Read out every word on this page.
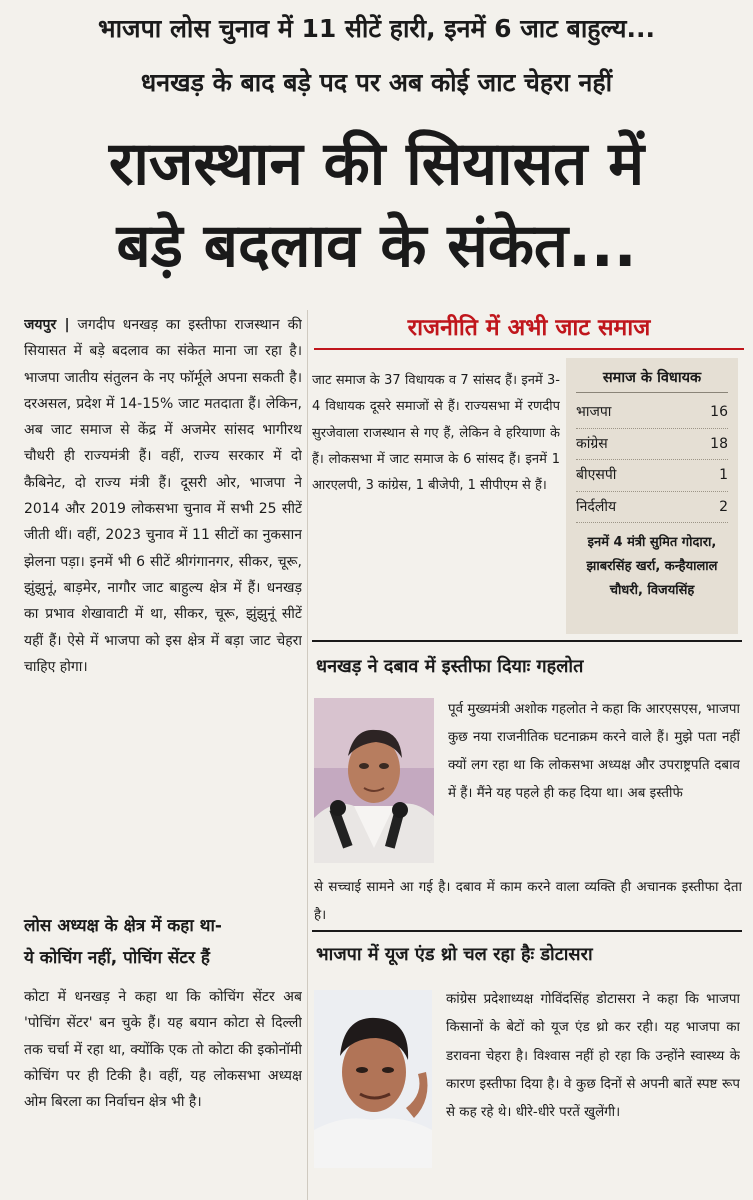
भाजपा लोस चुनाव में 11 सीटें हारी, इनमें 6 जाट बाहुल्य...
धनखड़ के बाद बड़े पद पर अब कोई जाट चेहरा नहीं
राजस्थान की सियासत में
बड़े बदलाव के संकेत...

जयपुर | जगदीप धनखड़ का इस्तीफा राजस्थान की सियासत में बड़े बदलाव का संकेत माना जा रहा है। भाजपा जातीय संतुलन के नए फॉर्मूले अपना सकती है। दरअसल, प्रदेश में 14-15% जाट मतदाता हैं। लेकिन, अब जाट समाज से केंद्र में अजमेर सांसद भागीरथ चौधरी ही राज्यमंत्री हैं। वहीं, राज्य सरकार में दो कैबिनेट, दो राज्य मंत्री हैं। दूसरी ओर, भाजपा ने 2014 और 2019 लोकसभा चुनाव में सभी 25 सीटें जीती थीं। वहीं, 2023 चुनाव में 11 सीटों का नुकसान झेलना पड़ा। इनमें भी 6 सीटें श्रीगंगानगर, सीकर, चूरू, झुंझुनूं, बाड़मेर, नागौर जाट बाहुल्य क्षेत्र में हैं। धनखड़ का प्रभाव शेखावाटी में था, सीकर, चूरू, झुंझुनूं सीटें यहीं हैं। ऐसे में भाजपा को इस क्षेत्र में बड़ा जाट चेहरा चाहिए होगा।

लोस अध्यक्ष के क्षेत्र में कहा था-
ये कोचिंग नहीं, पोचिंग सेंटर हैं
कोटा में धनखड़ ने कहा था कि कोचिंग सेंटर अब 'पोचिंग सेंटर' बन चुके हैं। यह बयान कोटा से दिल्ली तक चर्चा में रहा था, क्योंकि एक तो कोटा की इकोनॉमी कोचिंग पर ही टिकी है। वहीं, यह लोकसभा अध्यक्ष ओम बिरला का निर्वाचन क्षेत्र भी है।
राजनीति में अभी जाट समाज
जाट समाज के 37 विधायक व 7 सांसद हैं। इनमें 3-4 विधायक दूसरे समाजों से हैं। राज्यसभा में रणदीप सुरजेवाला राजस्थान से गए हैं, लेकिन वे हरियाणा के हैं। लोकसभा में जाट समाज के 6 सांसद हैं। इनमें 1 आरएलपी, 3 कांग्रेस, 1 बीजेपी, 1 सीपीएम से हैं।
समाज के विधायक
भाजपा	16
कांग्रेस	18
बीएसपी	1
निर्दलीय	2
इनमें 4 मंत्री सुमित गोदारा, झाबरसिंह खर्रा, कन्हैयालाल चौधरी, विजयसिंह
धनखड़ ने दबाव में इस्तीफा दियाः गहलोत
पूर्व मुख्यमंत्री अशोक गहलोत ने कहा कि आरएसएस, भाजपा कुछ नया राजनीतिक घटनाक्रम करने वाले हैं। मुझे पता नहीं क्यों लग रहा था कि लोकसभा अध्यक्ष और उपराष्ट्रपति दबाव में हैं। मैंने यह पहले ही कह दिया था। अब इस्तीफे
से सच्चाई सामने आ गई है। दबाव में काम करने वाला व्यक्ति ही अचानक इस्तीफा देता है।
भाजपा में यूज एंड थ्रो चल रहा हैः डोटासरा
कांग्रेस प्रदेशाध्यक्ष गोविंदसिंह डोटासरा ने कहा कि भाजपा किसानों के बेटों को यूज एंड थ्रो कर रही। यह भाजपा का डरावना चेहरा है। विश्वास नहीं हो रहा कि उन्होंने स्वास्थ्य के कारण इस्तीफा दिया है। वे कुछ दिनों से अपनी बातें स्पष्ट रूप से कह रहे थे। धीरे-धीरे परतें खुलेंगी।
